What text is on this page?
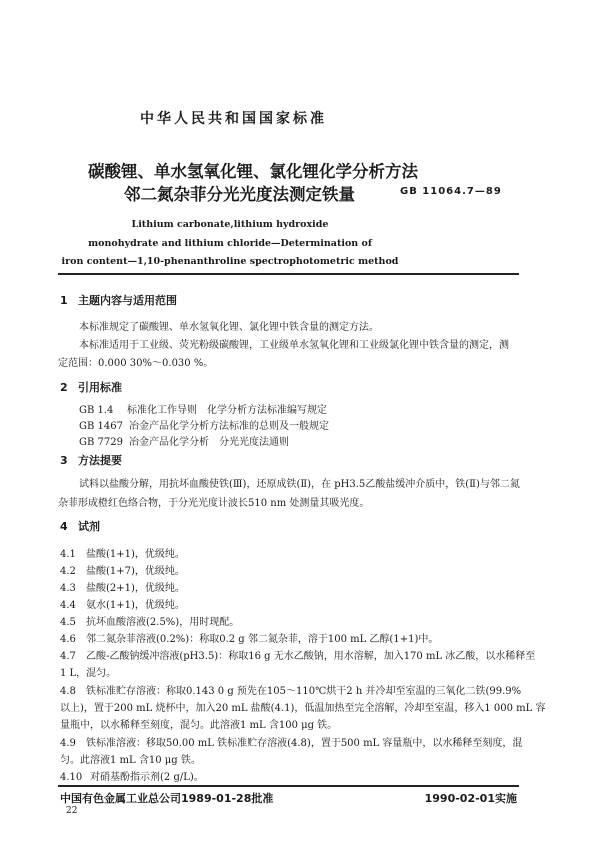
中华人民共和国国家标准
碳酸锂、单水氢氧化锂、氯化锂化学分析方法
邻二氮杂菲分光光度法测定铁量	GB 11064.7—89
Lithium carbonate,lithium hydroxide
monohydrate and lithium chloride—Determination of
iron content—1,10-phenanthroline spectrophotometric method
1 主题内容与适用范围
本标准规定了碳酸锂、单水氢氧化锂、氯化锂中铁含量的测定方法。
本标准适用于工业级、荧光粉级碳酸锂，工业级单水氢氧化锂和工业级氯化锂中铁含量的测定，测
定范围：0.000 30%～0.030 %。
2 引用标准
GB 1.4 标准化工作导则　化学分析方法标准编写规定
GB 1467 冶金产品化学分析方法标准的总则及一般规定
GB 7729 冶金产品化学分析　分光光度法通则
3 方法提要
试料以盐酸分解，用抗坏血酸使铁(Ⅲ)，还原成铁(Ⅱ)，在 pH3.5乙酸盐缓冲介质中，铁(Ⅱ)与邻二氮
杂菲形成橙红色络合物，于分光光度计波长510 nm 处测量其吸光度。
4 试剂
4.1 盐酸(1+1)，优级纯。
4.2 盐酸(1+7)，优级纯。
4.3 盐酸(2+1)，优级纯。
4.4 氨水(1+1)，优级纯。
4.5 抗坏血酸溶液(2.5%)，用时现配。
4.6 邻二氮杂菲溶液(0.2%)：称取0.2 g 邻二氮杂菲，溶于100 mL 乙醇(1+1)中。
4.7 乙酸-乙酸钠缓冲溶液(pH3.5)：称取16 g 无水乙酸钠，用水溶解，加入170 mL 冰乙酸，以水稀释至
1 L，混匀。
4.8 铁标准贮存溶液：称取0.143 0 g 预先在105～110℃烘干2 h 并冷却至室温的三氧化二铁(99.9%
以上)，置于200 mL 烧杯中，加入20 mL 盐酸(4.1)，低温加热至完全溶解，冷却至室温，移入1 000 mL 容
量瓶中，以水稀释至刻度，混匀。此溶液1 mL 含100 μg 铁。
4.9 铁标准溶液：移取50.00 mL 铁标准贮存溶液(4.8)，置于500 mL 容量瓶中，以水稀释至刻度，混
匀。此溶液1 mL 含10 μg 铁。
4.10 对硝基酚指示剂(2 g/L)。
中国有色金属工业总公司1989-01-28批准	1990-02-01实施
22
